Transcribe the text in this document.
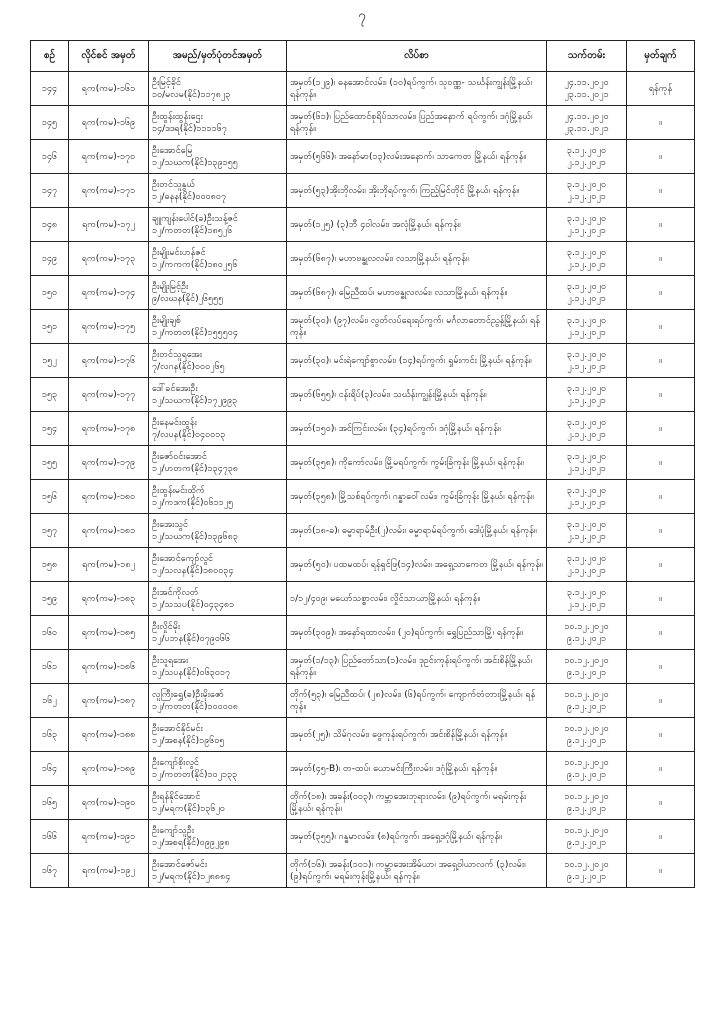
၇
စဉ်	လိုင်စင် အမှတ်	အမည်/မှတ်ပုံတင်အမှတ်	လိပ်စာ	သက်တမ်း	မှတ်ချက်
၁၄၄	ရက(ကမ)-၁၆၁	ဦးမြင့်ခိုင်
၁၀/မလမ(နိုင်)၁၁၇၈၂၃	အမှတ်(၁၂၉)၊ ဓနအောင်လမ်း၊ (၁၀)ရပ်ကွက်၊ သုဝဏ္ဏ- သင်္ဃန်းကျွန်းမြို့နယ်၊ ရန်ကုန်။	၂၄.၁၁.၂၀၂၀
၂၃.၁၁.၂၀၂၁	ရန်ကုန်
၁၄၅	ရက(ကမ)-၁၆၉	ဦးထွန်းထွန်းဌေး
၁၄/ဒဒရ(နိုင်)၁၁၁၁၆၇	အမှတ်(၆၁)၊ ပြည်ထောင်စုရိပ်သာလမ်း၊ ပြည်အနောက် ရပ်ကွက်၊ ဒဂုံမြို့နယ်၊ ရန်ကုန်။	၂၄.၁၁.၂၀၂၀
၂၃.၁၁.၂၀၂၁	။
၁၄၆	ရက(ကမ)-၁၇၀	ဦးအောင်မြေ
၁၂/သဃက(နိုင်)၁၃၉၁၅၅	အမှတ်(၅၆၆)၊ အနော်မာ(၁၃)လမ်းအနောက်၊ သာကေတ မြို့နယ်၊ ရန်ကုန်။	၃.၁၂.၂၀၂၀
၂.၁၂.၂၀၂၁	။
၁၄၇	ရက(ကမ)-၁၇၁	ဦးတင်သူနွယ်
၁၂/ဓနန(နိုင်)၀၀၀၈၀၇	အမှတ်(၅၃)အိုးဘိုလမ်း၊ အိုးဘိုရပ်ကွက်၊ ကြည့်မြင်တိုင် မြို့နယ်၊ ရန်ကုန်။	၃.၁၂.၂၀၂၀
၂.၁၂.၂၀၂၁	။
၁၄၈	ရက(ကမ)-၁၇၂	ချူကျန်းပေါင်(ခ)ဦးသန့်ဇင်
၁၂/ကတတ(နိုင်)၁၈၅၂၆	အမှတ်(၁၂၅) (၃)ဘီ ၄၀ါလမ်း၊ အလုံမြို့နယ်၊ ရန်ကုန်။	၃.၁၂.၂၀၂၀
၂.၁၂.၂၀၂၁	။
၁၄၉	ရက(ကမ)-၁၇၃	ဦးမျိုးမင်းဟန်ဇင်
၁၂/ကကက(နိုင်)၁၈၀၂၅၆	အမှတ်(၆၈၇)၊ မဟာဗန္ဓုလလမ်း၊ လသာမြို့နယ်၊ ရန်ကုန်။	၃.၁၂.၂၀၂၀
၂.၁၂.၂၀၂၁	။
၁၅၀	ရက(ကမ)-၁၇၄	ဦးမျိုးမြင့်ဦး
၉/လဃန(နိုင်)၂၆၅၅၅	အမှတ်(၆၈၇)၊ မြေညီထပ်၊ မဟာဗန္ဓုလလမ်း၊ လသာမြို့နယ်၊ ရန်ကုန်။	၃.၁၂.၂၀၂၀
၂.၁၂.၂၀၂၁	။
၁၅၁	ရက(ကမ)-၁၇၅	ဦးမျိုးချစ်
၁၂/ကတတ(နိုင်)၁၅၅၅၀၄	အမှတ်(၃၀)၊ (၉၇)လမ်း၊ လွတ်လပ်ရေးရပ်ကွက်၊ မင်္ဂလာတောင်ညွန့်မြို့နယ်၊ ရန်ကုန်။	၃.၁၂.၂၀၂၀
၂.၁၂.၂၀၂၁	။
၁၅၂	ရက(ကမ)-၁၇၆	ဦးတင်သူရအေး
၇/လဂန(နိုင်)၀၀၀၂၆၅	အမှတ်(၃၀)၊ မင်းရဲကျော်စွာလမ်း၊ (၁၄)ရပ်ကွက်၊ ရှုမ်းကင်း မြို့နယ်၊ ရန်ကုန်။	၃.၁၂.၂၀၂၀
၂.၁၂.၂၀၂၁	။
၁၅၃	ရက(ကမ)-၁၇၇	ဒေါ်ခင်အေးဦး
၁၂/သဃက(နိုင်)၁၇၂၉၉၃	အမှတ်(၆၅၅)၊ ငန်းရိပ်(၃)လမ်း၊ သင်္ဃန်းကျွန်းမြို့နယ်၊ ရန်ကုန်။	၃.၁၂.၂၀၂၀
၂.၁၂.၂၀၂၁	။
၁၅၄	ရက(ကမ)-၁၇၈	ဦးနေမင်းထွန်း
၇/လပန(နိုင်)၀၄၀၀၁၃	အမှတ်(၁၅၀)၊ အင်ကြင်းလမ်း၊ (၃၄)ရပ်ကွက်၊ ဒဂုံမြို့နယ်၊ ရန်ကုန်။	၃.၁၂.၂၀၂၀
၂.၁၂.၂၀၂၁	။
၁၅၅	ရက(ကမ)-၁၇၉	ဦးဇော်ဝင်းအောင်
၁၂/ဟတက(နိုင်)၁၃၄၇၃၈	အမှတ်(၃၅၈)၊ ကိုကော်လမ်း၊ မြို့မရပ်ကွက်၊ ကွမ်းခြံကုန်း မြို့နယ်၊ ရန်ကုန်။	၃.၁၂.၂၀၂၀
၂.၁၂.၂၀၂၁	။
၁၅၆	ရက(ကမ)-၁၈၀	ဦးထွန်းမင်းထိုက်
၁၂/ကဒက(နိုင်)၀၆၁၁၂၅	အမှတ်(၃၅၈)၊ မြို့သစ်ရပ်ကွက်၊ ဂန္ဓာဝေါ်လမ်း၊ ကွမ်းခြံကုန်း မြို့နယ်၊ ရန်ကုန်။	၃.၁၂.၂၀၂၀
၂.၁၂.၂၀၂၁	။
၁၅၇	ရက(ကမ)-၁၈၁	ဦးအေးသွင်
၁၂/သဃက(နိုင်)၁၃၉၆၈၃	အမှတ်(၁၈-ခ)၊ ဓမ္မာရာမ်ဦး(၂)လမ်း၊ ဓမ္မာရာမ်ရပ်ကွက်၊ ဒေါပုံမြို့နယ်၊ ရန်ကုန်။	၃.၁၂.၂၀၂၀
၂.၁၂.၂၀၂၁	။
၁၅၈	ရက(ကမ)-၁၈၂	ဦးအောင်ကျော်လွင်
၁၂/သလန(နိုင်)၁၈၀၀၃၄	အမှတ်(၅၀)၊ ပထမထပ်၊ ရန်ရှင်ဖြ(၁၄)လမ်း၊ အရှေ့သာကေတ မြို့နယ်၊ ရန်ကုန်။	၃.၁၂.၂၀၂၀
၂.၁၂.၂၀၂၁	။
၁၅၉	ရက(ကမ)-၁၈၃	ဦးအင်ကိုလတ်
၁၂/သသပ(နိုင်)၀၄၃၄၈၁	၁/၁၂/၄၀၉၊ မယော်သစ္စာလမ်း၊ လှိုင်သာယာမြို့နယ်၊ ရန်ကုန်။	၃.၁၂.၂၀၂၀
၂.၁၂.၂၀၂၁	။
၁၆၀	ရက(ကမ)-၁၈၅	ဦးလှိုင်မိုး
၁၂/ပဘန(နိုင်)၀၇၉၀၆၆	အမှတ်(၃၀၉)၊ အနော်ရထာလမ်း၊ (၂၀)ရပ်ကွက်၊ ရွှေပြည်သာမြို့၊ ရန်ကုန်။	၁၀.၁၂.၂၀၂၀
၉.၁၂.၂၀၂၁	။
၁၆၁	ရက(ကမ)-၁၈၆	ဦးသူရအေး
၁၂/သပန(နိုင်)၀၆၃၀၁၇	အမှတ်(၁/၁၃)၊ ပြည်တော်သာ(၁)လမ်း၊ ဒုဥင်းကုန်းရပ်ကွက်၊ အင်းစိန်မြို့နယ်၊ ရန်ကုန်။	၁၀.၁၂.၂၀၂၀
၉.၁၂.၂၀၂၁	။
၁၆၂	ရက(ကမ)-၁၈၇	လူကြီးရွှေ(ခ)ဦးမိုးဇော်
၁၂/ကတတ(နိုင်)၁၀၀၀၀၈	တိုက်(၅၃)၊ မြေညီထပ်၊ (၂၈)လမ်း၊ (၆)ရပ်ကွက်၊ ကျောက်တံတားမြို့နယ်၊ ရန်ကုန်။	၁၀.၁၂.၂၀၂၀
၉.၁၂.၂၀၂၁	။
၁၆၃	ရက(ကမ)-၁၈၈	ဦးအောင်နိုင်မင်း
၁၂/အစန(နိုင်)၁၉၆၀၅	အမှတ်(၂၅)၊ သိမ်ဂုလမ်း၊ ဖွေကုန်းရပ်ကွက်၊ အင်းစိန်မြို့နယ်၊ ရန်ကုန်။	၁၀.၁၂.၂၀၂၀
၉.၁၂.၂၀၂၁	။
၁၆၄	ရက(ကမ)-၁၈၉	ဦးကျော်စိုးလွင်
၁၂/ကတတ(နိုင်)၁၀၂၁၃၃	အမှတ်(၄၅-B)၊ တ-ထပ်၊ ယောမင်းကြီးလမ်း၊ ဒဂုံမြို့နယ်၊ ရန်ကုန်။	၁၀.၁၂.၂၀၂၀
၉.၁၂.၂၀၂၁	။
၁၆၅	ရက(ကမ)-၁၉၀	ဦးရန်နိုင်အောင်
၁၂/မရက(နိုင်)၁၃၆၂၀	တိုက်(၁၈)၊ အခန်း(၀၀၃)၊ ကမ္ဘာအေးဘုရားလမ်း၊ (၉)ရပ်ကွက်၊ မရမ်းကုန်းမြို့နယ်၊ ရန်ကုန်။	၁၀.၁၂.၂၀၂၀
၉.၁၂.၂၀၂၁	။
၁၆၆	ရက(ကမ)-၁၉၁	ဦးကျော်သူဦး
၁၂/အစရ(နိုင်)၀၉၉၂၉၈	အမှတ်(၃၅၅)၊ ဂန္ဓမာလမ်း၊ (၈)ရပ်ကွက်၊ အရှေ့ဒဂုံမြို့နယ်၊ ရန်ကုန်။	၁၀.၁၂.၂၀၂၀
၉.၁၂.၂၀၂၁	။
၁၆၇	ရက(ကမ)-၁၉၂	ဦးအောင်ဇော်မင်း
၁၂/မရက(နိုင်)၁၂၈၈၈၄	တိုက်(၁၆)၊ အခန်း(၁၀၁)၊ ကမ္ဘာအေးအိမ်ယာ၊ အရှေ့ဝါယာလက် (၃)လမ်း၊ (၉)ရပ်ကွက်၊ မရမ်းကုန်းမြို့နယ်၊ ရန်ကုန်။	၁၀.၁၂.၂၀၂၀
၉.၁၂.၂၀၂၁	။
